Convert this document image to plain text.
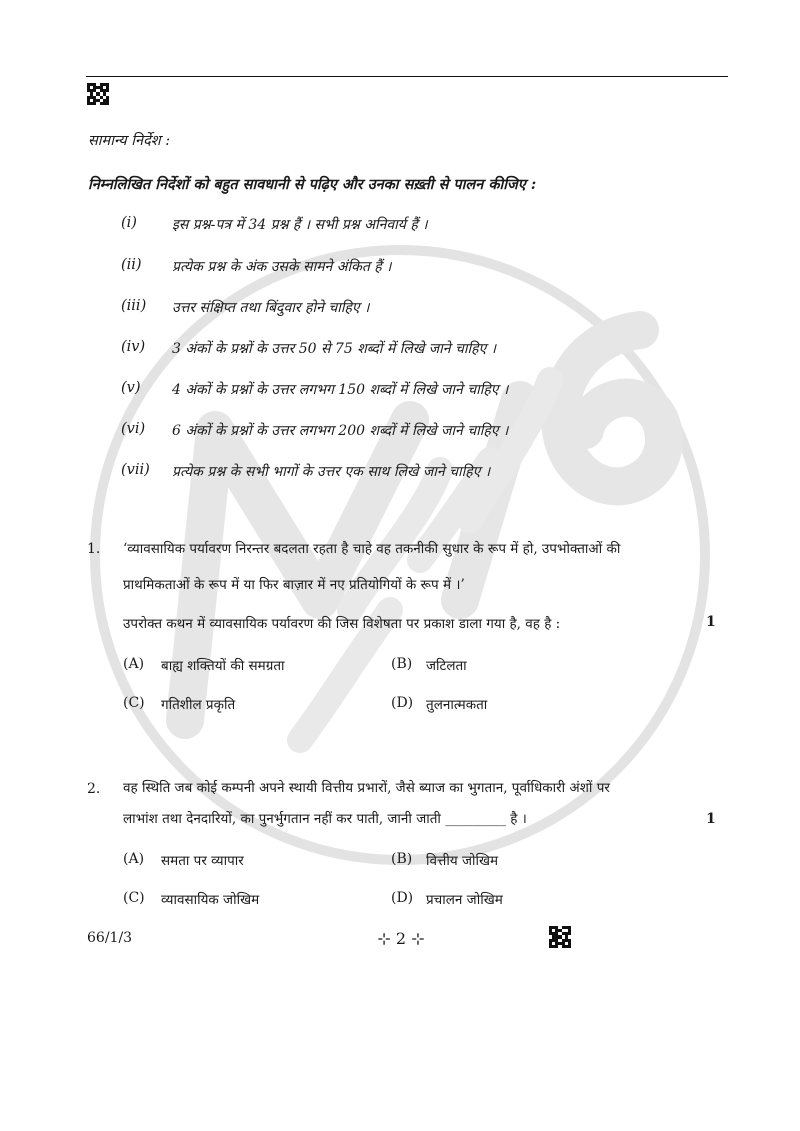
सामान्य निर्देश :
निम्नलिखित निर्देशों को बहुत सावधानी से पढ़िए और उनका सख़्ती से पालन कीजिए :
(i)	इस प्रश्न-पत्र में 34 प्रश्न हैं । सभी प्रश्न अनिवार्य हैं ।
(ii) प्रत्येक प्रश्न के अंक उसके सामने अंकित हैं ।
(iii) उत्तर संक्षिप्त तथा बिंदुवार होने चाहिए ।
(iv) 3 अंकों के प्रश्नों के उत्तर 50 से 75 शब्दों में लिखे जाने चाहिए ।
(v) 4 अंकों के प्रश्नों के उत्तर लगभग 150 शब्दों में लिखे जाने चाहिए ।
(vi) 6 अंकों के प्रश्नों के उत्तर लगभग 200 शब्दों में लिखे जाने चाहिए ।
(vii) प्रत्येक प्रश्न के सभी भागों के उत्तर एक साथ लिखे जाने चाहिए ।
1. ‘व्यावसायिक पर्यावरण निरन्तर बदलता रहता है चाहे वह तकनीकी सुधार के रूप में हो, उपभोक्ताओं की
प्राथमिकताओं के रूप में या फिर बाज़ार में नए प्रतियोगियों के रूप में ।’
उपरोक्त कथन में व्यावसायिक पर्यावरण की जिस विशेषता पर प्रकाश डाला गया है, वह है :	1
(A) बाह्य शक्तियों की समग्रता	(B) जटिलता
(C) गतिशील प्रकृति	(D) तुलनात्मकता
2. वह स्थिति जब कोई कम्पनी अपने स्थायी वित्तीय प्रभारों, जैसे ब्याज का भुगतान, पूर्वाधिकारी अंशों पर
लाभांश तथा देनदारियों, का पुनर्भुगतान नहीं कर पाती, जानी जाती _________ है ।	1
(A) समता पर व्यापार	(B) वित्तीय जोखिम
(C) व्यावसायिक जोखिम	(D) प्रचालन जोखिम
66/1/3	⊹ 2 ⊹
